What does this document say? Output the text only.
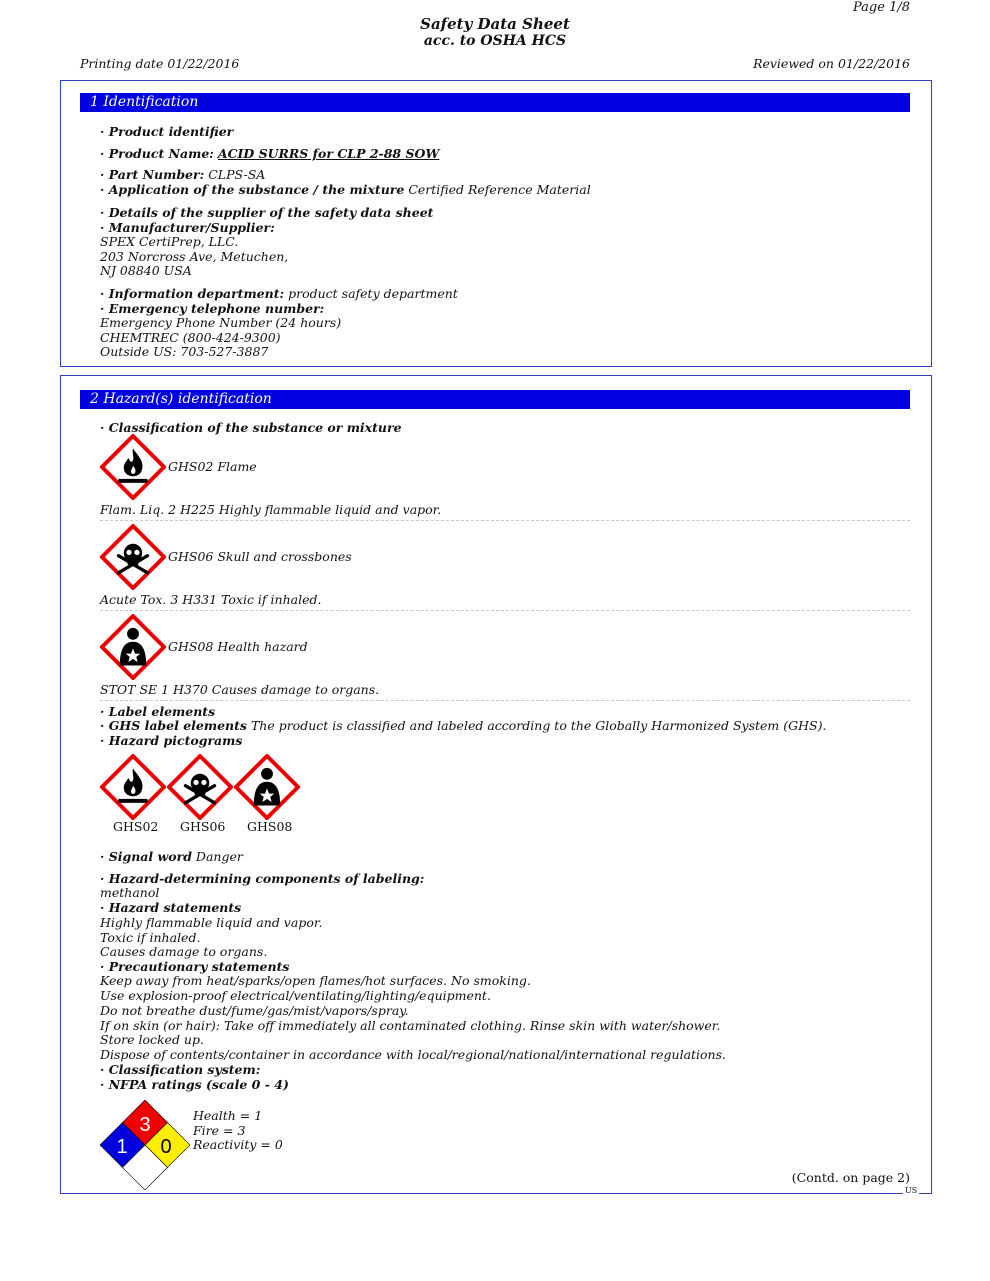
Page 1/8
Safety Data Sheet
acc. to OSHA HCS
Printing date 01/22/2016	Reviewed on 01/22/2016
1 Identification
· Product identifier
· Product Name: ACID SURRS for CLP 2-88 SOW
· Part Number: CLPS-SA
· Application of the substance / the mixture Certified Reference Material
· Details of the supplier of the safety data sheet
· Manufacturer/Supplier:
SPEX CertiPrep, LLC.
203 Norcross Ave, Metuchen,
NJ 08840 USA
· Information department: product safety department
· Emergency telephone number:
Emergency Phone Number (24 hours)
CHEMTREC (800-424-9300)
Outside US: 703-527-3887
2 Hazard(s) identification
· Classification of the substance or mixture
GHS02 Flame
Flam. Liq. 2 H225 Highly flammable liquid and vapor.
GHS06 Skull and crossbones
Acute Tox. 3 H331 Toxic if inhaled.
GHS08 Health hazard
STOT SE 1 H370 Causes damage to organs.
· Label elements
· GHS label elements The product is classified and labeled according to the Globally Harmonized System (GHS).
· Hazard pictograms
GHS02 GHS06 GHS08
· Signal word Danger
· Hazard-determining components of labeling:
methanol
· Hazard statements
Highly flammable liquid and vapor.
Toxic if inhaled.
Causes damage to organs.
· Precautionary statements
Keep away from heat/sparks/open flames/hot surfaces. No smoking.
Use explosion-proof electrical/ventilating/lighting/equipment.
Do not breathe dust/fume/gas/mist/vapors/spray.
If on skin (or hair): Take off immediately all contaminated clothing. Rinse skin with water/shower.
Store locked up.
Dispose of contents/container in accordance with local/regional/national/international regulations.
· Classification system:
· NFPA ratings (scale 0 - 4)
3
1 0
Health = 1
Fire = 3
Reactivity = 0
(Contd. on page 2)
US
